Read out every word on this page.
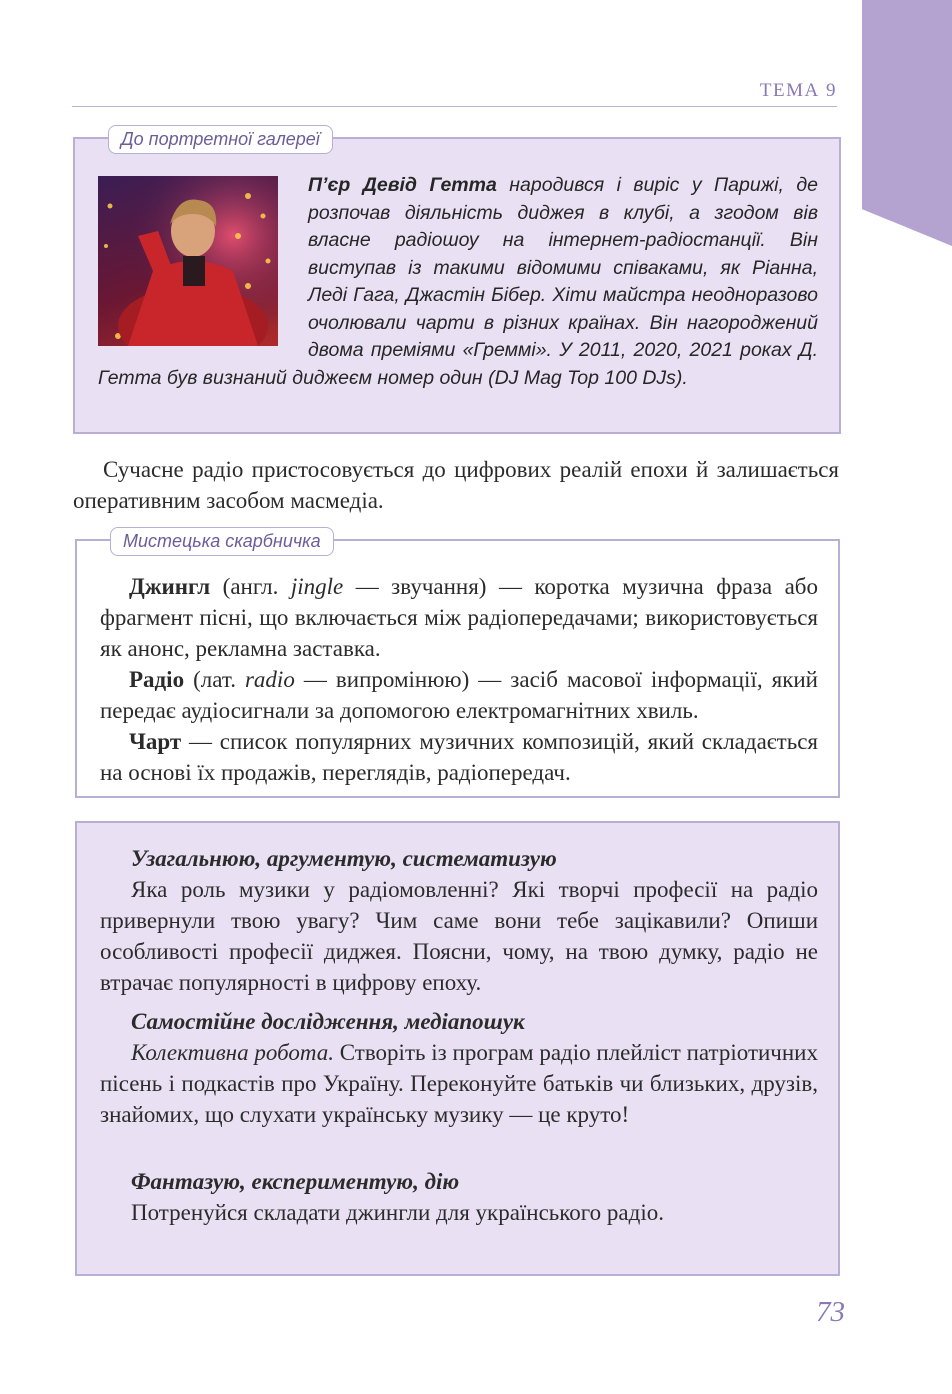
ТЕМА 9
До портретної галереї

П’єр Девід Гетта народився і виріс у Парижі, де розпочав діяльність диджея в клубі, а згодом вів власне радіошоу на інтернет-радіостанції. Він виступав із такими відомими співаками, як Ріанна, Леді Гага, Джастін Бібер. Хіти майстра неодноразово очолювали чарти в різних країнах. Він нагороджений двома преміями «Греммі». У 2011, 2020, 2021 роках Д. Гетта був визнаний диджеєм номер один (DJ Mag Top 100 DJs).

Сучасне радіо пристосовується до цифрових реалій епохи й залишається оперативним засобом масмедіа.

Мистецька скарбничка

Джингл (англ. jingle — звучання) — коротка музична фраза або фрагмент пісні, що включається між радіопередачами; використовується як анонс, рекламна заставка.

Радіо (лат. radio — випромінюю) — засіб масової інформації, який передає аудіосигнали за допомогою електромагнітних хвиль.

Чарт — список популярних музичних композицій, який складається на основі їх продажів, переглядів, радіопередач.

Узагальнюю, аргументую, систематизую

Яка роль музики у радіомовленні? Які творчі професії на радіо привернули твою увагу? Чим саме вони тебе зацікавили? Опиши особливості професії диджея. Поясни, чому, на твою думку, радіо не втрачає популярності в цифрову епоху.

Самостійне дослідження, медіапошук

Колективна робота. Створіть із програм радіо плейліст патріотичних пісень і подкастів про Україну. Переконуйте батьків чи близьких, друзів, знайомих, що слухати українську музику — це круто!

Фантазую, експериментую, дію

Потренуйся складати джингли для українського радіо.

73
